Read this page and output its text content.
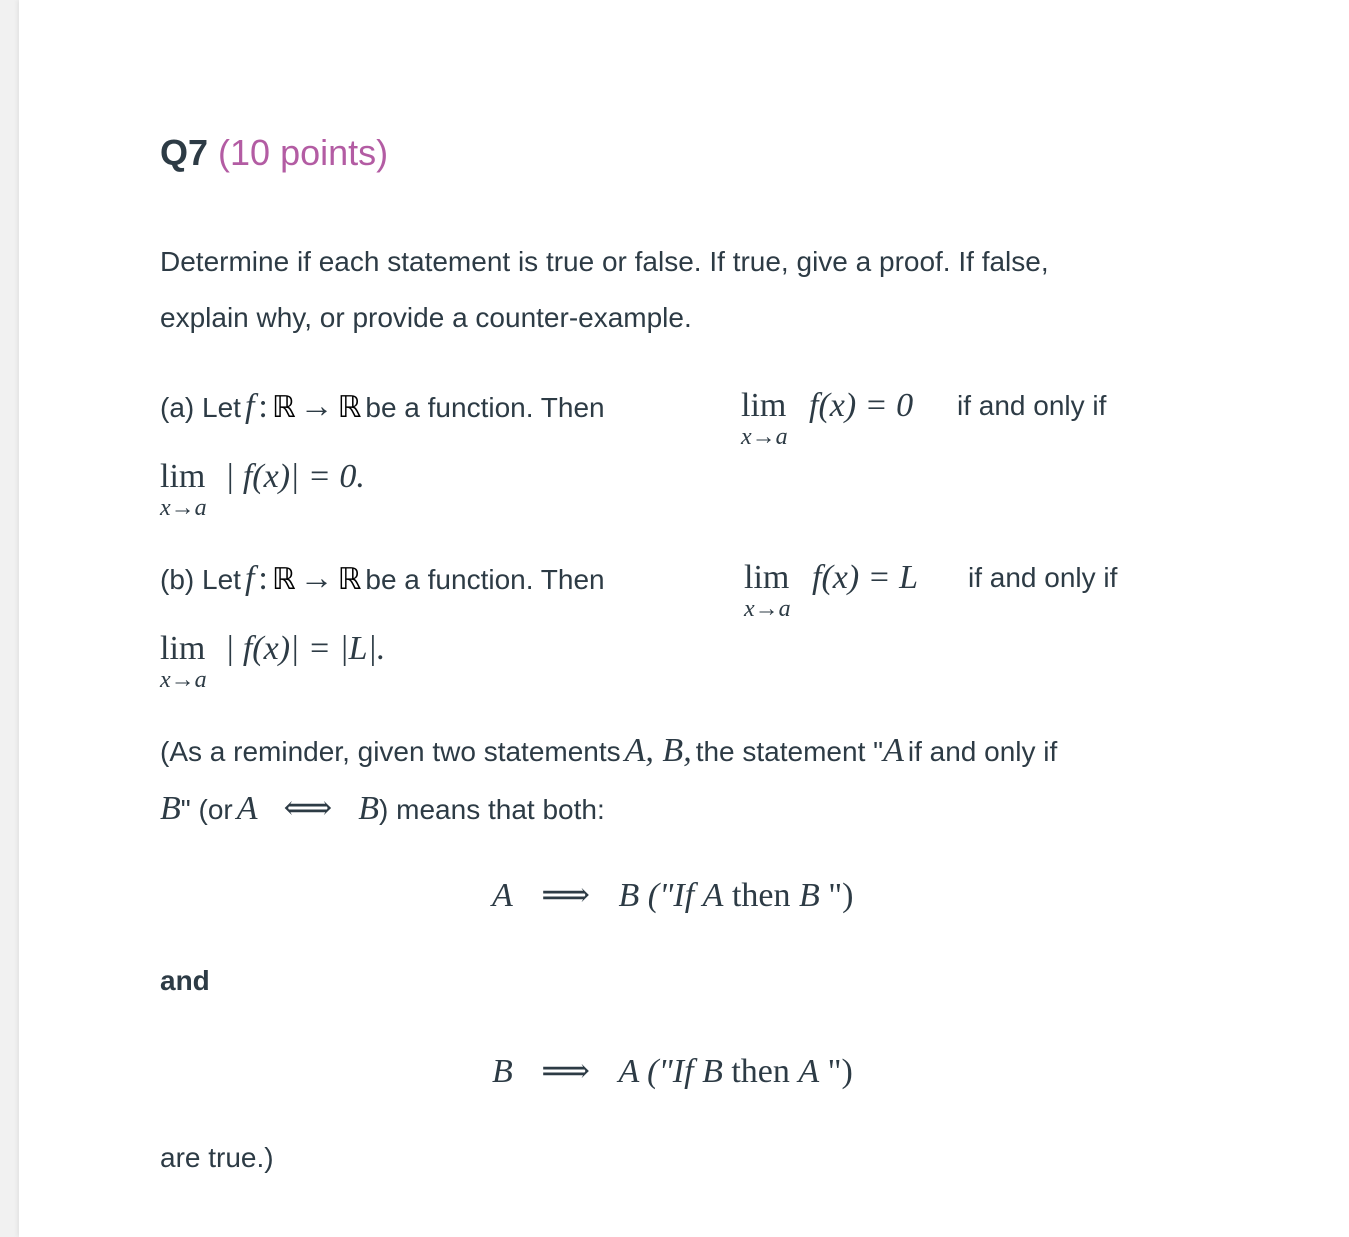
Q7 (10 points)
Determine if each statement is true or false. If true, give a proof. If false,
explain why, or provide a counter-example.
(a) Let f : ℝ → ℝ be a function. Then	lim
x→a
f(x) = 0 if and only if
lim
x→a
| f(x)| = 0.
(b) Let f : ℝ → ℝ be a function. Then	lim
x→a
f(x) = L if and only if
lim
x→a
| f(x)| = |L|.
(As a reminder, given two statements A, B, the statement "A if and only if
B" (or A ⟺ B) means that both:
A ⟹ B ("If A then B ")
and
B ⟹ A ("If B then A ")
are true.)
